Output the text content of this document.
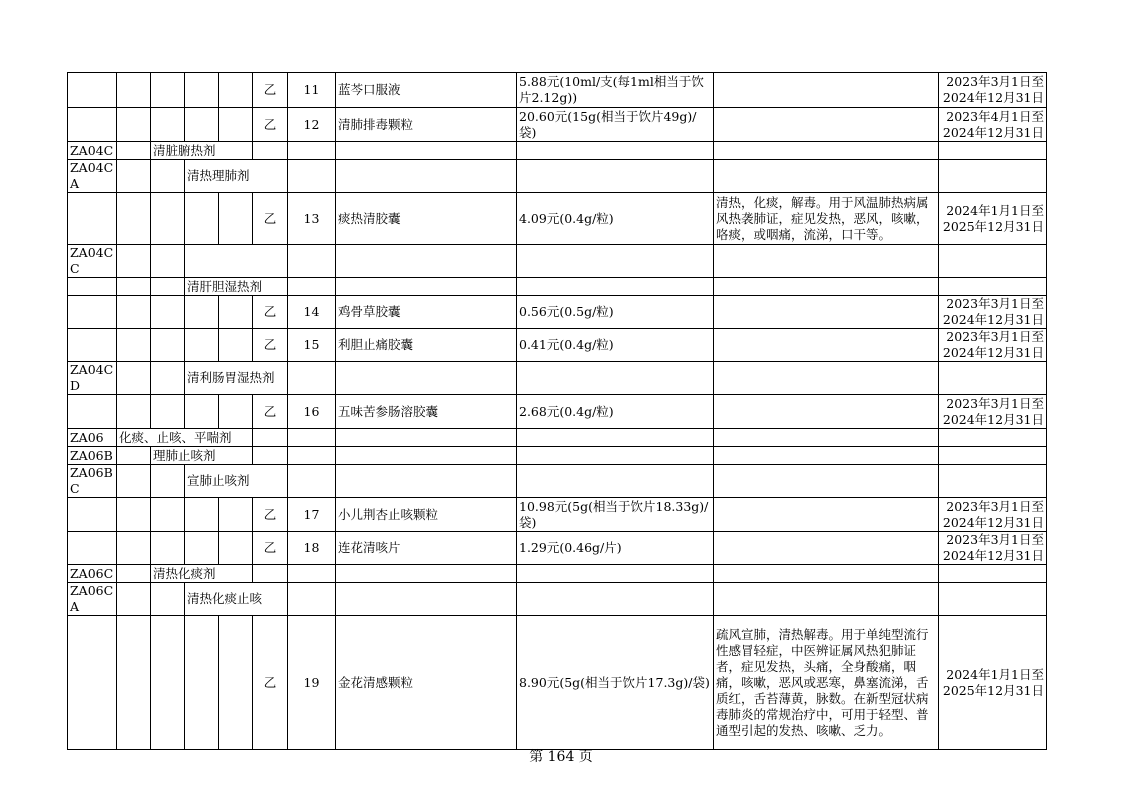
					乙	11	蓝芩口服液	5.88元(10ml/支(每1ml相当于饮片2.12g))		2023年3月1日至2024年12月31日
					乙	12	清肺排毒颗粒	20.60元(15g(相当于饮片49g)/袋)		2023年4月1日至2024年12月31日
ZA04C		清脏腑热剂								
ZA04CA			清热理肺剂							
					乙	13	痰热清胶囊	4.09元(0.4g/粒)	清热，化痰，解毒。用于风温肺热病属风热袭肺证，症见发热，恶风，咳嗽，咯痰，或咽痛，流涕，口干等。	2024年1月1日至2025年12月31日
ZA04CC										
			清肝胆湿热剂							
					乙	14	鸡骨草胶囊	0.56元(0.5g/粒)		2023年3月1日至2024年12月31日
					乙	15	利胆止痛胶囊	0.41元(0.4g/粒)		2023年3月1日至2024年12月31日
ZA04CD			清利肠胃湿热剂							
					乙	16	五味苦参肠溶胶囊	2.68元(0.4g/粒)		2023年3月1日至2024年12月31日
ZA06	化痰、止咳、平喘剂									
ZA06B		理肺止咳剂								
ZA06BC			宣肺止咳剂							
					乙	17	小儿荆杏止咳颗粒	10.98元(5g(相当于饮片18.33g)/袋)		2023年3月1日至2024年12月31日
					乙	18	连花清咳片	1.29元(0.46g/片)		2023年3月1日至2024年12月31日
ZA06C		清热化痰剂								
ZA06CA			清热化痰止咳							
					乙	19	金花清感颗粒	8.90元(5g(相当于饮片17.3g)/袋)	疏风宣肺，清热解毒。用于单纯型流行性感冒轻症，中医辨证属风热犯肺证者，症见发热，头痛，全身酸痛，咽痛，咳嗽，恶风或恶寒，鼻塞流涕，舌质红，舌苔薄黄，脉数。在新型冠状病毒肺炎的常规治疗中，可用于轻型、普通型引起的发热、咳嗽、乏力。	2024年1月1日至2025年12月31日
第 164 页
